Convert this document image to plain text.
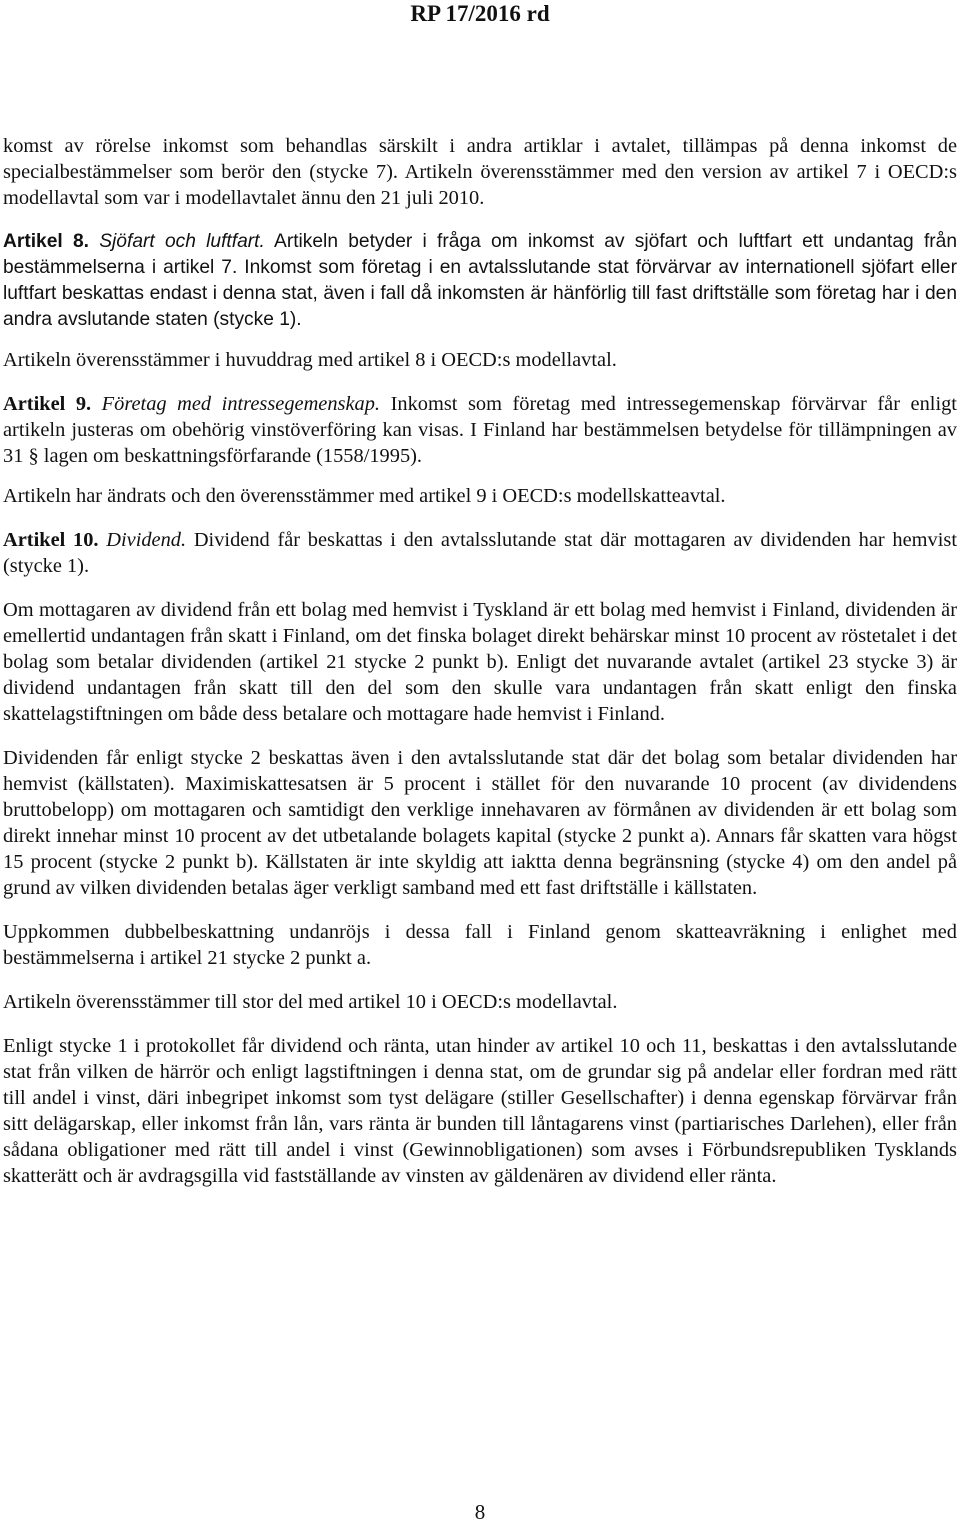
RP 17/2016 rd

komst av rörelse inkomst som behandlas särskilt i andra artiklar i avtalet, tillämpas på denna inkomst de specialbestämmelser som berör den (stycke 7). Artikeln överensstämmer med den version av artikel 7 i OECD:s modellavtal som var i modellavtalet ännu den 21 juli 2010.

Artikel 8. Sjöfart och luftfart. Artikeln betyder i fråga om inkomst av sjöfart och luftfart ett undantag från bestämmelserna i artikel 7. Inkomst som företag i en avtalsslutande stat förvärvar av internationell sjöfart eller luftfart beskattas endast i denna stat, även i fall då inkomsten är hänförlig till fast driftställe som företag har i den andra avslutande staten (stycke 1).

Artikeln överensstämmer i huvuddrag med artikel 8 i OECD:s modellavtal.

Artikel 9. Företag med intressegemenskap. Inkomst som företag med intressegemenskap förvärvar får enligt artikeln justeras om obehörig vinstöverföring kan visas. I Finland har bestämmelsen betydelse för tillämpningen av 31 § lagen om beskattningsförfarande (1558/1995).

Artikeln har ändrats och den överensstämmer med artikel 9 i OECD:s modellskatteavtal.

Artikel 10. Dividend. Dividend får beskattas i den avtalsslutande stat där mottagaren av dividenden har hemvist (stycke 1).

Om mottagaren av dividend från ett bolag med hemvist i Tyskland är ett bolag med hemvist i Finland, dividenden är emellertid undantagen från skatt i Finland, om det finska bolaget direkt behärskar minst 10 procent av röstetalet i det bolag som betalar dividenden (artikel 21 stycke 2 punkt b). Enligt det nuvarande avtalet (artikel 23 stycke 3) är dividend undantagen från skatt till den del som den skulle vara undantagen från skatt enligt den finska skattelagstiftningen om både dess betalare och mottagare hade hemvist i Finland.

Dividenden får enligt stycke 2 beskattas även i den avtalsslutande stat där det bolag som betalar dividenden har hemvist (källstaten). Maximiskattesatsen är 5 procent i stället för den nuvarande 10 procent (av dividendens bruttobelopp) om mottagaren och samtidigt den verklige innehavaren av förmånen av dividenden är ett bolag som direkt innehar minst 10 procent av det utbetalande bolagets kapital (stycke 2 punkt a). Annars får skatten vara högst 15 procent (stycke 2 punkt b). Källstaten är inte skyldig att iaktta denna begränsning (stycke 4) om den andel på grund av vilken dividenden betalas äger verkligt samband med ett fast driftställe i källstaten.

Uppkommen dubbelbeskattning undanröjs i dessa fall i Finland genom skatteavräkning i enlighet med bestämmelserna i artikel 21 stycke 2 punkt a.

Artikeln överensstämmer till stor del med artikel 10 i OECD:s modellavtal.

Enligt stycke 1 i protokollet får dividend och ränta, utan hinder av artikel 10 och 11, beskattas i den avtalsslutande stat från vilken de härrör och enligt lagstiftningen i denna stat, om de grundar sig på andelar eller fordran med rätt till andel i vinst, däri inbegripet inkomst som tyst delägare (stiller Gesellschafter) i denna egenskap förvärvar från sitt delägarskap, eller inkomst från lån, vars ränta är bunden till låntagarens vinst (partiarisches Darlehen), eller från sådana obligationer med rätt till andel i vinst (Gewinnobligationen) som avses i Förbundsrepubliken Tysklands skatterätt och är avdragsgilla vid fastställande av vinsten av gäldenären av dividend eller ränta.

8
